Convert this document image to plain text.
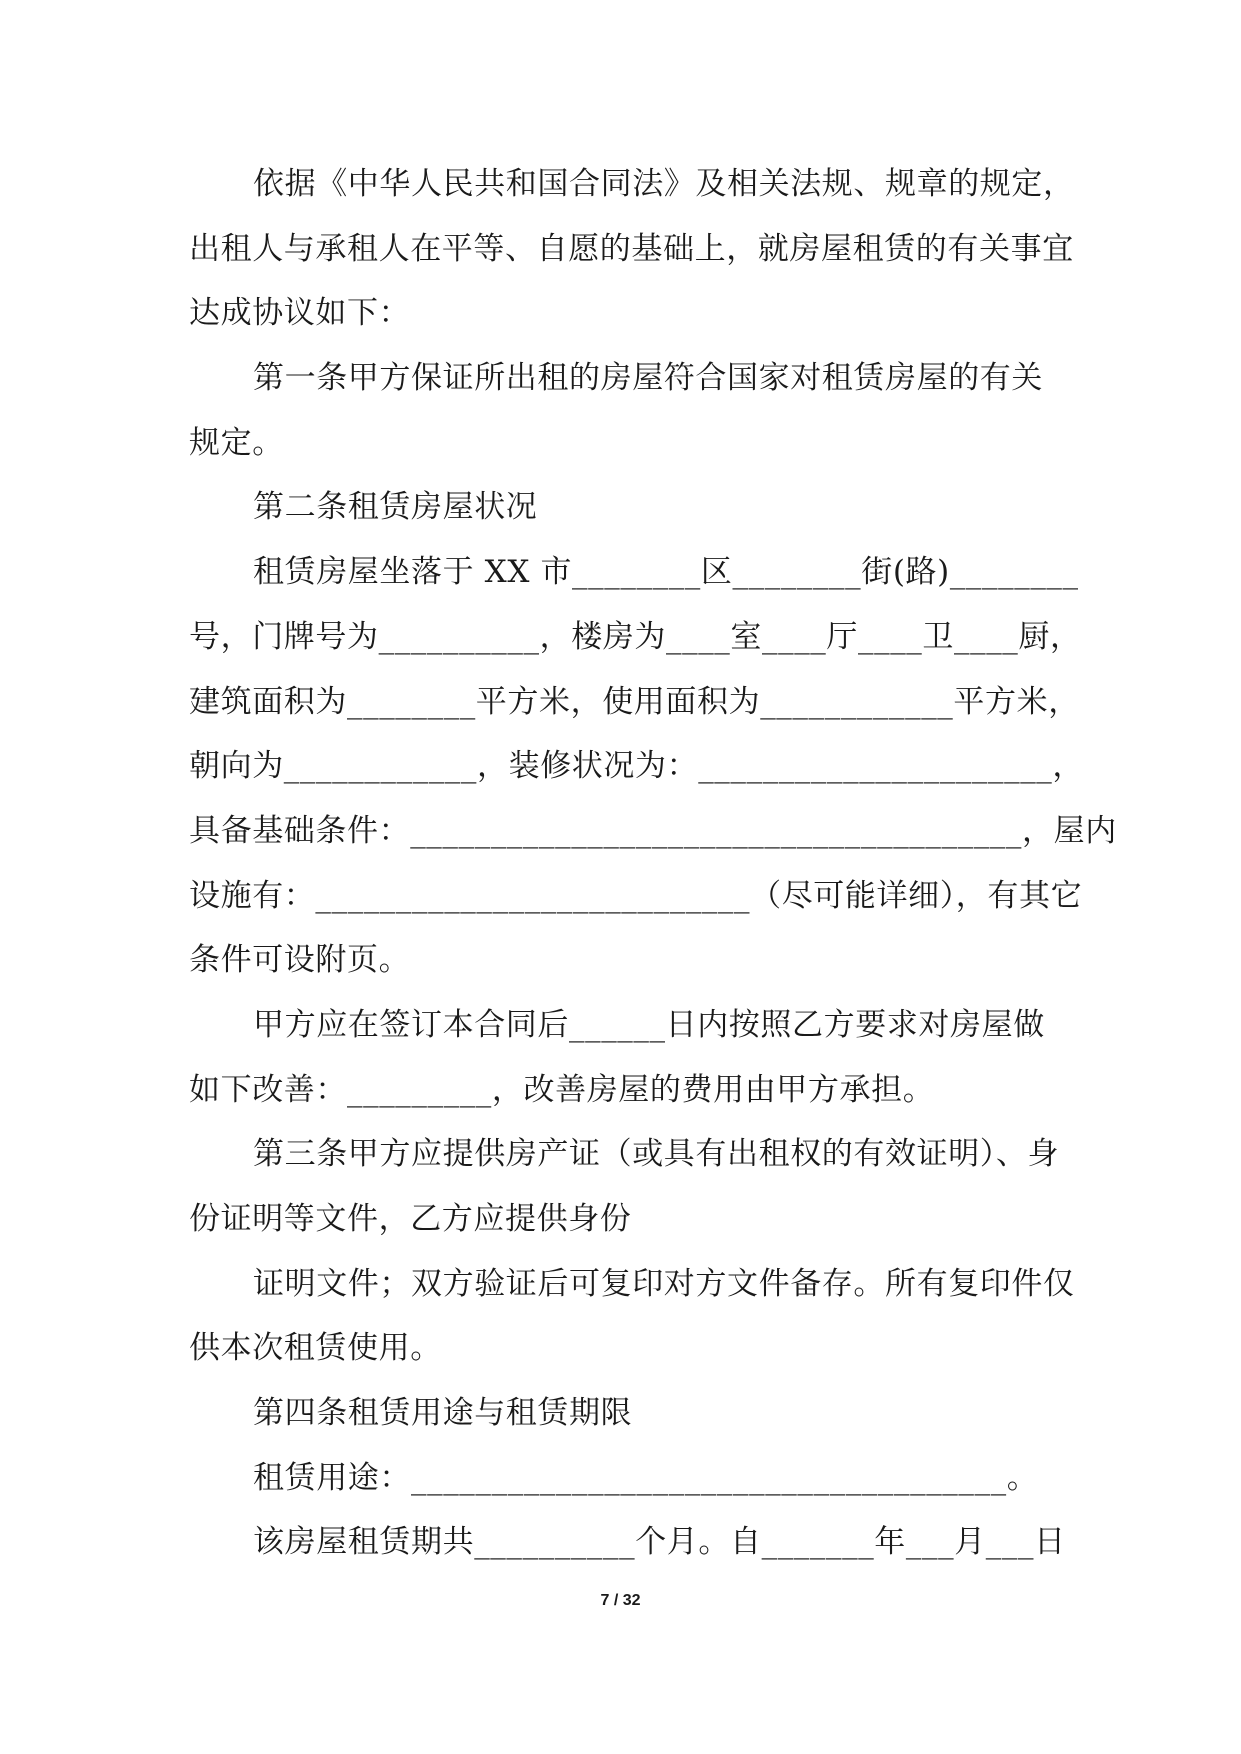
依据《中华人民共和国合同法》及相关法规、规章的规定，
出租人与承租人在平等、自愿的基础上，就房屋租赁的有关事宜
达成协议如下：
第一条甲方保证所出租的房屋符合国家对租赁房屋的有关
规定。
第二条租赁房屋状况
租赁房屋坐落于 XX 市________区________街(路)________
号，门牌号为__________，楼房为____室____厅____卫____厨，
建筑面积为________平方米，使用面积为____________平方米，
朝向为____________，装修状况为：______________________，
具备基础条件：______________________________________，屋内
设施有：___________________________（尽可能详细），有其它
条件可设附页。
甲方应在签订本合同后______日内按照乙方要求对房屋做
如下改善：_________，改善房屋的费用由甲方承担。
第三条甲方应提供房产证（或具有出租权的有效证明）、身
份证明等文件，乙方应提供身份
证明文件；双方验证后可复印对方文件备存。所有复印件仅
供本次租赁使用。
第四条租赁用途与租赁期限
租赁用途：_____________________________________。
该房屋租赁期共__________个月。自_______年___月___日
7 / 32
